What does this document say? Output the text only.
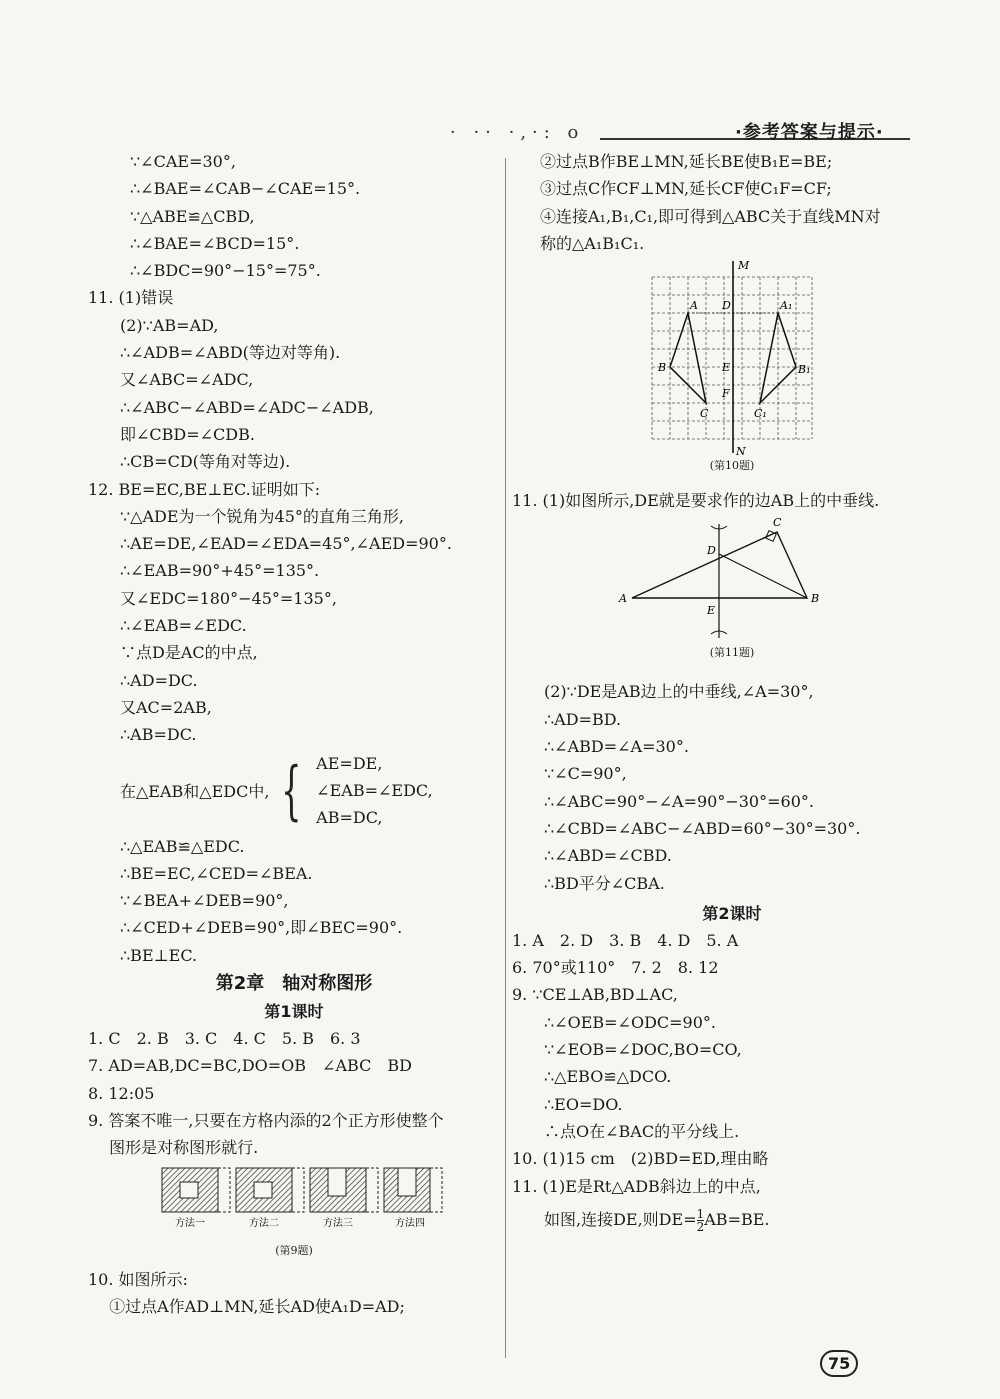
· ·· ·,·: o	·参考答案与提示·
∵∠CAE=30°,
∴∠BAE=∠CAB−∠CAE=15°.
∵△ABE≌△CBD,
∴∠BAE=∠BCD=15°.
∴∠BDC=90°−15°=75°.
11. (1)错误
(2)∵AB=AD,
∴∠ADB=∠ABD(等边对等角).
又∠ABC=∠ADC,
∴∠ABC−∠ABD=∠ADC−∠ADB,
即∠CBD=∠CDB.
∴CB=CD(等角对等边).
12. BE=EC,BE⊥EC.证明如下:
∵△ADE为一个锐角为45°的直角三角形,
∴AE=DE,∠EAD=∠EDA=45°,∠AED=90°.
∴∠EAB=90°+45°=135°.
又∠EDC=180°−45°=135°,
∴∠EAB=∠EDC.
∵点D是AC的中点,
∴AD=DC.
又AC=2AB,
∴AB=DC.
在△EAB和△EDC中, { AE=DE,
∠EAB=∠EDC,
AB=DC,
∴△EAB≌△EDC.
∴BE=EC,∠CED=∠BEA.
∵∠BEA+∠DEB=90°,
∴∠CED+∠DEB=90°,即∠BEC=90°.
∴BE⊥EC.
第2章　轴对称图形
第1课时
1. C　2. B　3. C　4. C　5. B　6. 3
7. AD=AB,DC=BC,DO=OB　∠ABC　BD
8. 12:05
9. 答案不唯一,只要在方格内添的2个正方形使整个
　 图形是对称图形就行.
方法一	方法二	方法三	方法四
(第9题)
10. 如图所示:
　 ①过点A作AD⊥MN,延长AD使A₁D=AD;
②过点B作BE⊥MN,延长BE使B₁E=BE;
③过点C作CF⊥MN,延长CF使C₁F=CF;
④连接A₁,B₁,C₁,即可得到△ABC关于直线MN对
称的△A₁B₁C₁.
M
N
A D	A₁
B	E	B₁
F
C	C₁
(第10题)
11. (1)如图所示,DE就是要求作的边AB上的中垂线.
A	B
C
D
E
(第11题)
(2)∵DE是AB边上的中垂线,∠A=30°,
∴AD=BD.
∴∠ABD=∠A=30°.
∵∠C=90°,
∴∠ABC=90°−∠A=90°−30°=60°.
∴∠CBD=∠ABC−∠ABD=60°−30°=30°.
∴∠ABD=∠CBD.
∴BD平分∠CBA.
第2课时
1. A　2. D　3. B　4. D　5. A
6. 70°或110°　7. 2　8. 12
9. ∵CE⊥AB,BD⊥AC,
∴∠OEB=∠ODC=90°.
∵∠EOB=∠DOC,BO=CO,
∴△EBO≌△DCO.
∴EO=DO.
∴点O在∠BAC的平分线上.
10. (1)15 cm　(2)BD=ED,理由略
11. (1)E是Rt△ADB斜边上的中点,
如图,连接DE,则$DE= \frac{1}{2} AB=BE$.
75
